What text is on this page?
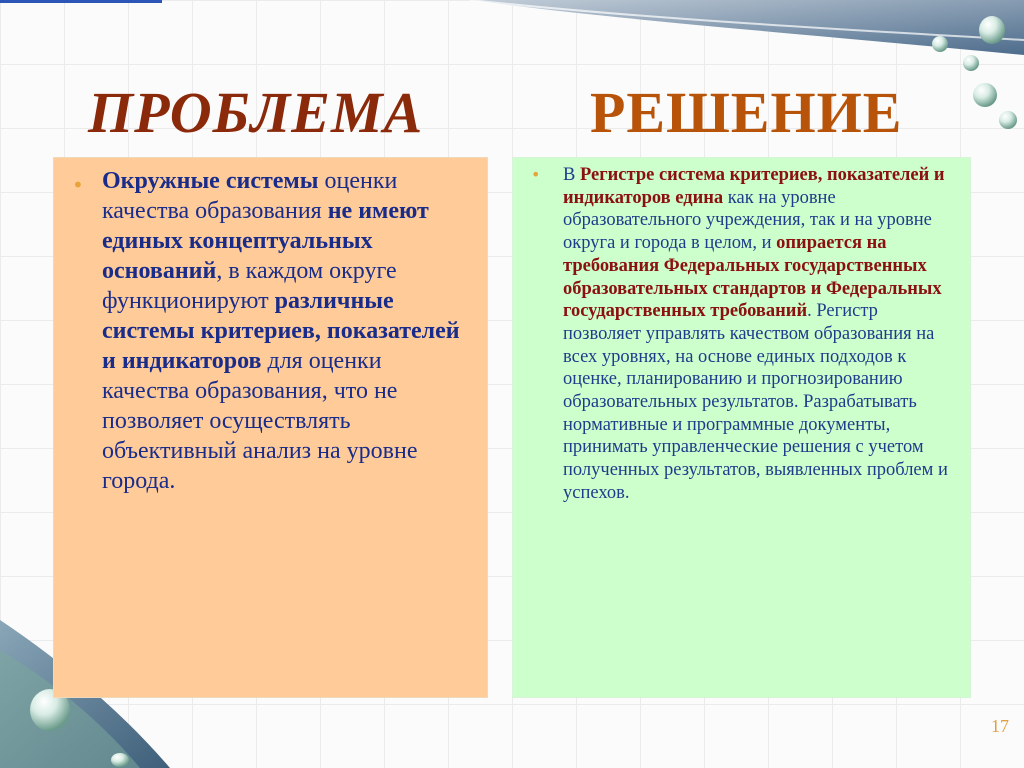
ПРОБЛЕМА	РЕШЕНИЕ
• Окружные системы оценки качества образования не имеют единых концептуальных оснований, в каждом округе функционируют различные системы критериев, показателей и индикаторов для оценки качества образования, что не позволяет осуществлять объективный анализ на уровне города.

• В Регистре система критериев, показателей и индикаторов едина как на уровне образовательного учреждения, так и на уровне округа и города в целом, и опирается на требования Федеральных государственных образовательных стандартов и Федеральных государственных требований. Регистр позволяет управлять качеством образования на всех уровнях, на основе единых подходов к оценке, планированию и прогнозированию образовательных результатов. Разрабатывать нормативные и программные документы, принимать управленческие решения с учетом полученных результатов, выявленных проблем и успехов.

17
